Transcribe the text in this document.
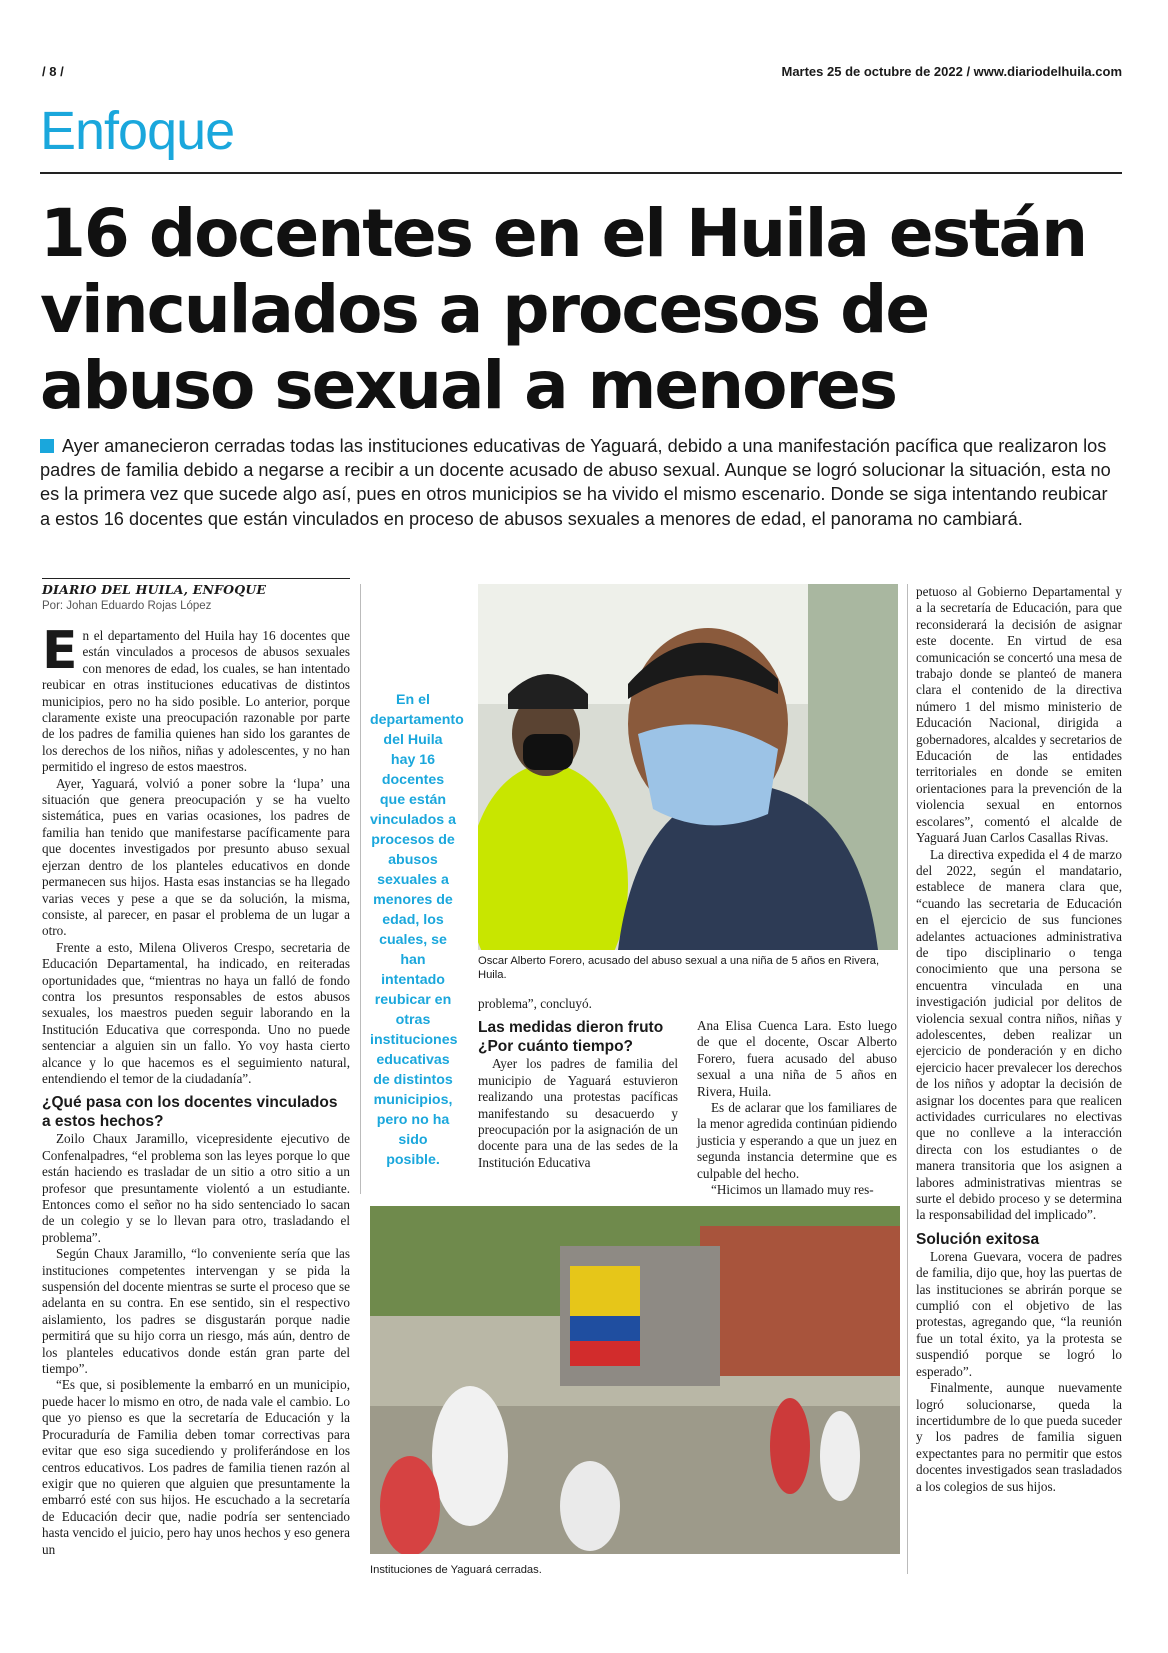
/ 8 /	Martes 25 de octubre de 2022 / www.diariodelhuila.com
Enfoque
16 docentes en el Huila están vinculados a procesos de abuso sexual a menores
Ayer amanecieron cerradas todas las instituciones educativas de Yaguará, debido a una manifestación pacífica que realizaron los padres de familia debido a negarse a recibir a un docente acusado de abuso sexual. Aunque se logró solucionar la situación, esta no es la primera vez que sucede algo así, pues en otros municipios se ha vivido el mismo escenario. Donde se siga intentando reubicar a estos 16 docentes que están vinculados en proceso de abusos sexuales a menores de edad, el panorama no cambiará.
DIARIO DEL HUILA, ENFOQUE
Por: Johan Eduardo Rojas López

En el departamento del Huila hay 16 docentes que están vinculados a procesos de abusos sexuales con menores de edad, los cuales, se han intentado reubicar en otras instituciones educativas de distintos municipios, pero no ha sido posible. Lo anterior, porque claramente existe una preocupación razonable por parte de los padres de familia quienes han sido los garantes de los derechos de los niños, niñas y adolescentes, y no han permitido el ingreso de estos maestros.

Ayer, Yaguará, volvió a poner sobre la ‘lupa’ una situación que genera preocupación y se ha vuelto sistemática, pues en varias ocasiones, los padres de familia han tenido que manifestarse pacíficamente para que docentes investigados por presunto abuso sexual ejerzan dentro de los planteles educativos en donde permanecen sus hijos. Hasta esas instancias se ha llegado varias veces y pese a que se da solución, la misma, consiste, al parecer, en pasar el problema de un lugar a otro.

Frente a esto, Milena Oliveros Crespo, secretaria de Educación Departamental, ha indicado, en reiteradas oportunidades que, “mientras no haya un falló de fondo contra los presuntos responsables de estos abusos sexuales, los maestros pueden seguir laborando en la Institución Educativa que corresponda. Uno no puede sentenciar a alguien sin un fallo. Yo voy hasta cierto alcance y lo que hacemos es el seguimiento natural, entendiendo el temor de la ciudadanía”.

¿Qué pasa con los docentes vinculados a estos hechos?

Zoilo Chaux Jaramillo, vicepresidente ejecutivo de Confenalpadres, “el problema son las leyes porque lo que están haciendo es trasladar de un sitio a otro sitio a un profesor que presuntamente violentó a un estudiante. Entonces como el señor no ha sido sentenciado lo sacan de un colegio y se lo llevan para otro, trasladando el problema”.

Según Chaux Jaramillo, “lo conveniente sería que las instituciones competentes intervengan y se pida la suspensión del docente mientras se surte el proceso que se adelanta en su contra. En ese sentido, sin el respectivo aislamiento, los padres se disgustarán porque nadie permitirá que su hijo corra un riesgo, más aún, dentro de los planteles educativos donde están gran parte del tiempo”.

“Es que, si posiblemente la embarró en un municipio, puede hacer lo mismo en otro, de nada vale el cambio. Lo que yo pienso es que la secretaría de Educación y la Procuraduría de Familia deben tomar correctivas para evitar que eso siga sucediendo y proliferándose en los centros educativos. Los padres de familia tienen razón al exigir que no quieren que alguien que presuntamente la embarró esté con sus hijos. He escuchado a la secretaría de Educación decir que, nadie podría ser sentenciado hasta vencido el juicio, pero hay unos hechos y eso genera un

En el departamento del Huila hay 16 docentes que están vinculados a procesos de abusos sexuales a menores de edad, los cuales, se han intentado reubicar en otras instituciones educativas de distintos municipios, pero no ha sido posible.
Oscar Alberto Forero, acusado del abuso sexual a una niña de 5 años en Rivera, Huila.

problema”, concluyó.

Las medidas dieron fruto ¿Por cuánto tiempo?

Ayer los padres de familia del municipio de Yaguará estuvieron realizando una protestas pacíficas manifestando su desacuerdo y preocupación por la asignación de un docente para una de las sedes de la Institución Educativa

Ana Elisa Cuenca Lara. Esto luego de que el docente, Oscar Alberto Forero, fuera acusado del abuso sexual a una niña de 5 años en Rivera, Huila.

Es de aclarar que los familiares de la menor agredida continúan pidiendo justicia y esperando a que un juez en segunda instancia determine que es culpable del hecho.

“Hicimos un llamado muy res-

petuoso al Gobierno Departamental y a la secretaría de Educación, para que reconsiderará la decisión de asignar este docente. En virtud de esa comunicación se concertó una mesa de trabajo donde se planteó de manera clara el contenido de la directiva número 1 del mismo ministerio de Educación Nacional, dirigida a gobernadores, alcaldes y secretarios de Educación de las entidades territoriales en donde se emiten orientaciones para la prevención de la violencia sexual en entornos escolares”, comentó el alcalde de Yaguará Juan Carlos Casallas Rivas.

La directiva expedida el 4 de marzo del 2022, según el mandatario, establece de manera clara que, “cuando las secretaria de Educación en el ejercicio de sus funciones adelantes actuaciones administrativa de tipo disciplinario o tenga conocimiento que una persona se encuentra vinculada en una investigación judicial por delitos de violencia sexual contra niños, niñas y adolescentes, deben realizar un ejercicio de ponderación y en dicho ejercicio hacer prevalecer los derechos de los niños y adoptar la decisión de asignar los docentes para que realicen actividades curriculares no electivas que no conlleve a la interacción directa con los estudiantes o de manera transitoria que los asignen a labores administrativas mientras se surte el debido proceso y se determina la responsabilidad del implicado”.

Solución exitosa

Lorena Guevara, vocera de padres de familia, dijo que, hoy las puertas de las instituciones se abrirán porque se cumplió con el objetivo de las protestas, agregando que, “la reunión fue un total éxito, ya la protesta se suspendió porque se logró lo esperado”.

Finalmente, aunque nuevamente logró solucionarse, queda la incertidumbre de lo que pueda suceder y los padres de familia siguen expectantes para no permitir que estos docentes investigados sean trasladados a los colegios de sus hijos.

Instituciones de Yaguará cerradas.
